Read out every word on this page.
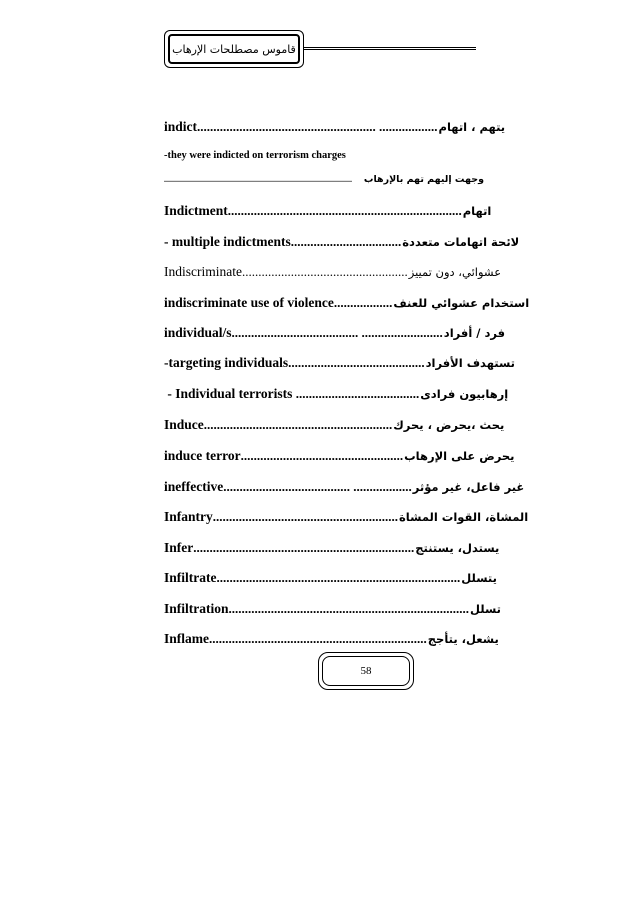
قاموس مصطلحات الإرهاب
indict ....................................................... .................. يتهم ، اتهام
-they were indicted on terrorism charges
..............................................................................................	وجهت إليهم تهم بالإرهاب
Indictment ........................................................................ اتهام
- multiple indictments .................................. لائحة اتهامات متعددة
Indiscriminate ................................................... عشوائي، دون تمييز
indiscriminate use of violence .................. استخدام عشوائي للعنف
individual/s ....................................... ......................... فرد / أفراد
-targeting individuals .......................................... تستهدف الأفراد
- Individual terrorists ...................................... إرهابيون فرادى
Induce .......................................................... يحث ،يحرض ، يحرك
induce terror .................................................. يحرض على الإرهاب
ineffective ....................................... .................. غير فاعل، غير مؤثر
Infantry ......................................................... المشاة، القوات المشاة
Infer .................................................................... يستدل، يستنتج
Infiltrate ........................................................................... يتسلل
Infiltration .......................................................................... تسلل
Inflame ................................................................... يشعل، يتأجج
58
